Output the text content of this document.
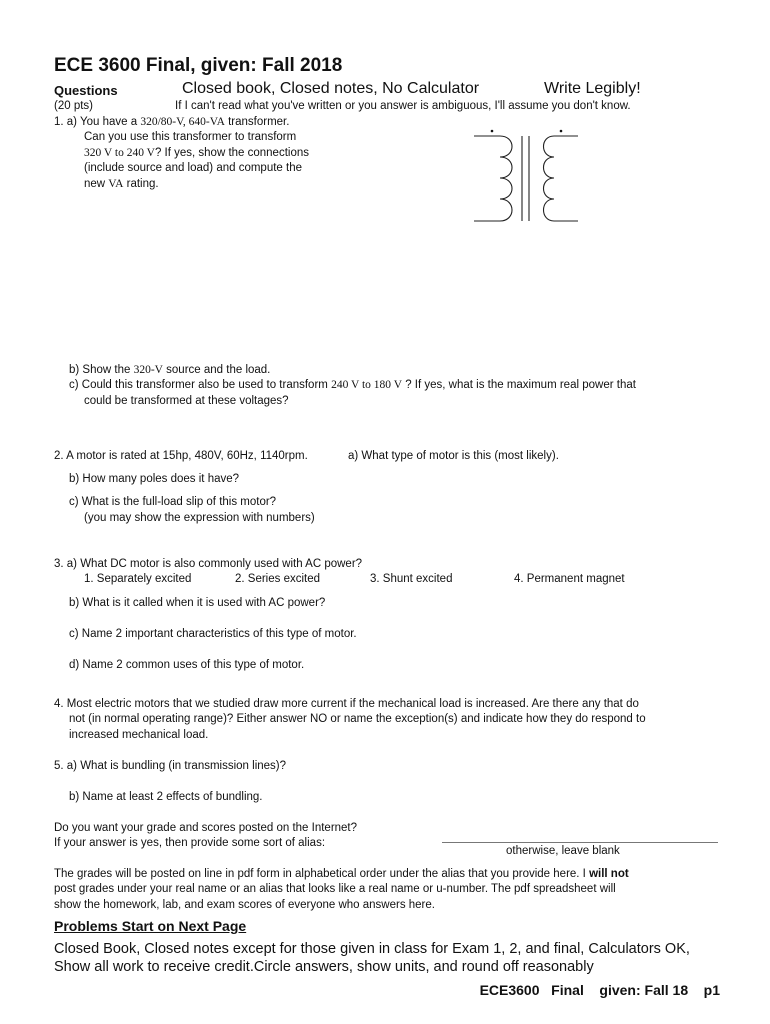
ECE 3600 Final, given: Fall 2018
Questions	Closed book, Closed notes, No Calculator	Write Legibly!
(20 pts)	If I can't read what you've written or you answer is ambiguous, I'll assume you don't know.
1. a) You have a 320/80-V, 640-VA transformer.
Can you use this transformer to transform
320 V to 240 V? If yes, show the connections
(include source and load) and compute the
new VA rating.
b) Show the 320-V source and the load.
c) Could this transformer also be used to transform 240 V to 180 V ? If yes, what is the maximum real power that
could be transformed at these voltages?
2. A motor is rated at 15hp, 480V, 60Hz, 1140rpm.	a) What type of motor is this (most likely).
b) How many poles does it have?
c) What is the full-load slip of this motor?
(you may show the expression with numbers)
3. a) What DC motor is also commonly used with AC power?
1. Separately excited	2. Series excited	3. Shunt excited	4. Permanent magnet
b) What is it called when it is used with AC power?
c) Name 2 important characteristics of this type of motor.
d) Name 2 common uses of this type of motor.
4. Most electric motors that we studied draw more current if the mechanical load is increased. Are there any that do
not (in normal operating range)? Either answer NO or name the exception(s) and indicate how they do respond to
increased mechanical load.
5. a) What is bundling (in transmission lines)?
b) Name at least 2 effects of bundling.
Do you want your grade and scores posted on the Internet?
If your answer is yes, then provide some sort of alias:
otherwise, leave blank
The grades will be posted on line in pdf form in alphabetical order under the alias that you provide here. I will not
post grades under your real name or an alias that looks like a real name or u-number. The pdf spreadsheet will
show the homework, lab, and exam scores of everyone who answers here.
Problems Start on Next Page
Closed Book, Closed notes except for those given in class for Exam 1, 2, and final, Calculators OK,
Show all work to receive credit.Circle answers, show units, and round off reasonably
ECE3600   Final    given: Fall 18    p1
